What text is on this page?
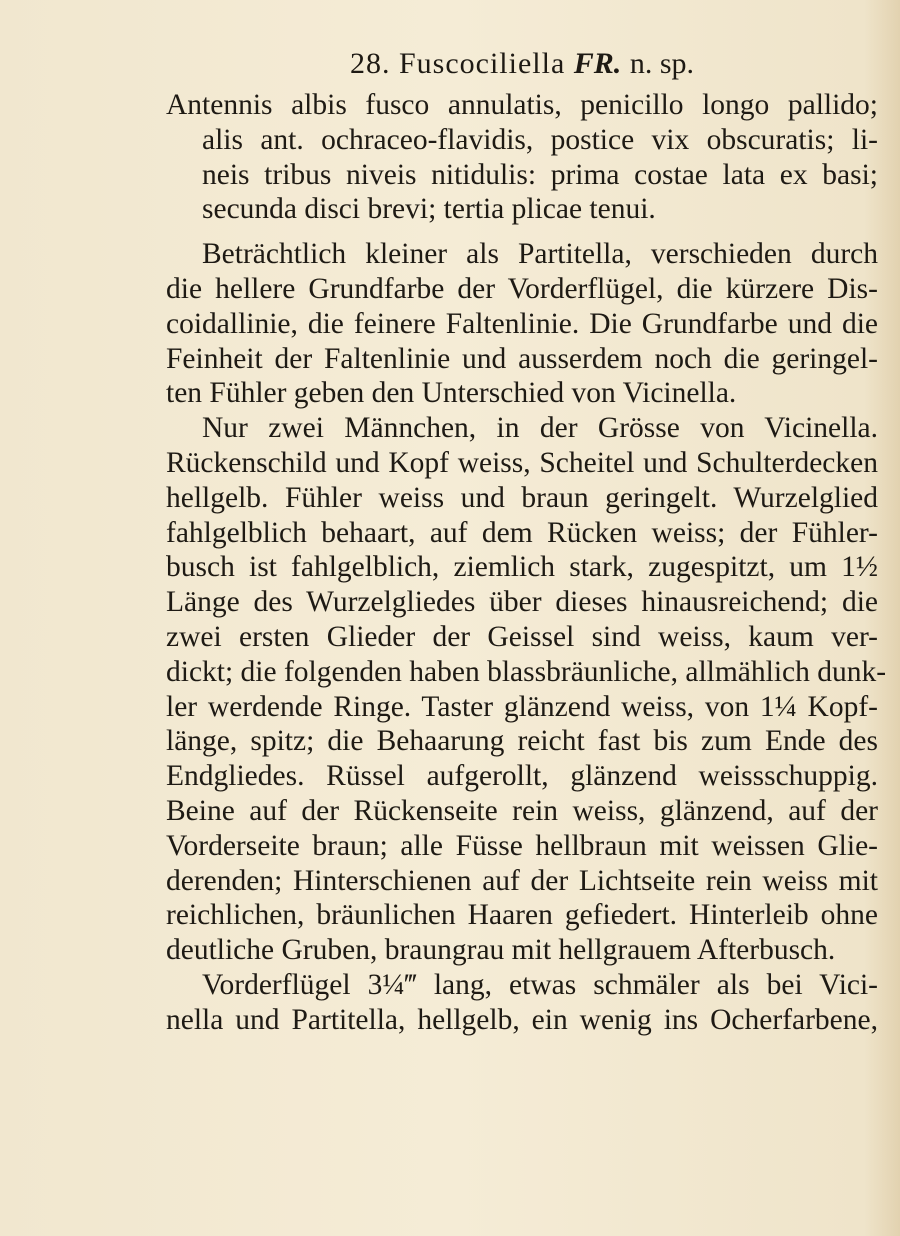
28. Fuscociliella FR. n. sp.
Antennis albis fusco annulatis, penicillo longo pallido;
alis ant. ochraceo-flavidis, postice vix obscuratis; li-
neis tribus niveis nitidulis: prima costae lata ex basi;
secunda disci brevi; tertia plicae tenui.
Beträchtlich kleiner als Partitella, verschieden durch
die hellere Grundfarbe der Vorderflügel, die kürzere Dis-
coidallinie, die feinere Faltenlinie. Die Grundfarbe und die
Feinheit der Faltenlinie und ausserdem noch die geringel-
ten Fühler geben den Unterschied von Vicinella.
Nur zwei Männchen, in der Grösse von Vicinella.
Rückenschild und Kopf weiss, Scheitel und Schulterdecken
hellgelb. Fühler weiss und braun geringelt. Wurzelglied
fahlgelblich behaart, auf dem Rücken weiss; der Fühler-
busch ist fahlgelblich, ziemlich stark, zugespitzt, um 1½
Länge des Wurzelgliedes über dieses hinausreichend; die
zwei ersten Glieder der Geissel sind weiss, kaum ver-
dickt; die folgenden haben blassbräunliche, allmählich dunk-
ler werdende Ringe. Taster glänzend weiss, von 1¼ Kopf-
länge, spitz; die Behaarung reicht fast bis zum Ende des
Endgliedes. Rüssel aufgerollt, glänzend weissschuppig.
Beine auf der Rückenseite rein weiss, glänzend, auf der
Vorderseite braun; alle Füsse hellbraun mit weissen Glie-
derenden; Hinterschienen auf der Lichtseite rein weiss mit
reichlichen, bräunlichen Haaren gefiedert. Hinterleib ohne
deutliche Gruben, braungrau mit hellgrauem Afterbusch.
Vorderflügel 3¼‴ lang, etwas schmäler als bei Vici-
nella und Partitella, hellgelb, ein wenig ins Ocherfarbene,
